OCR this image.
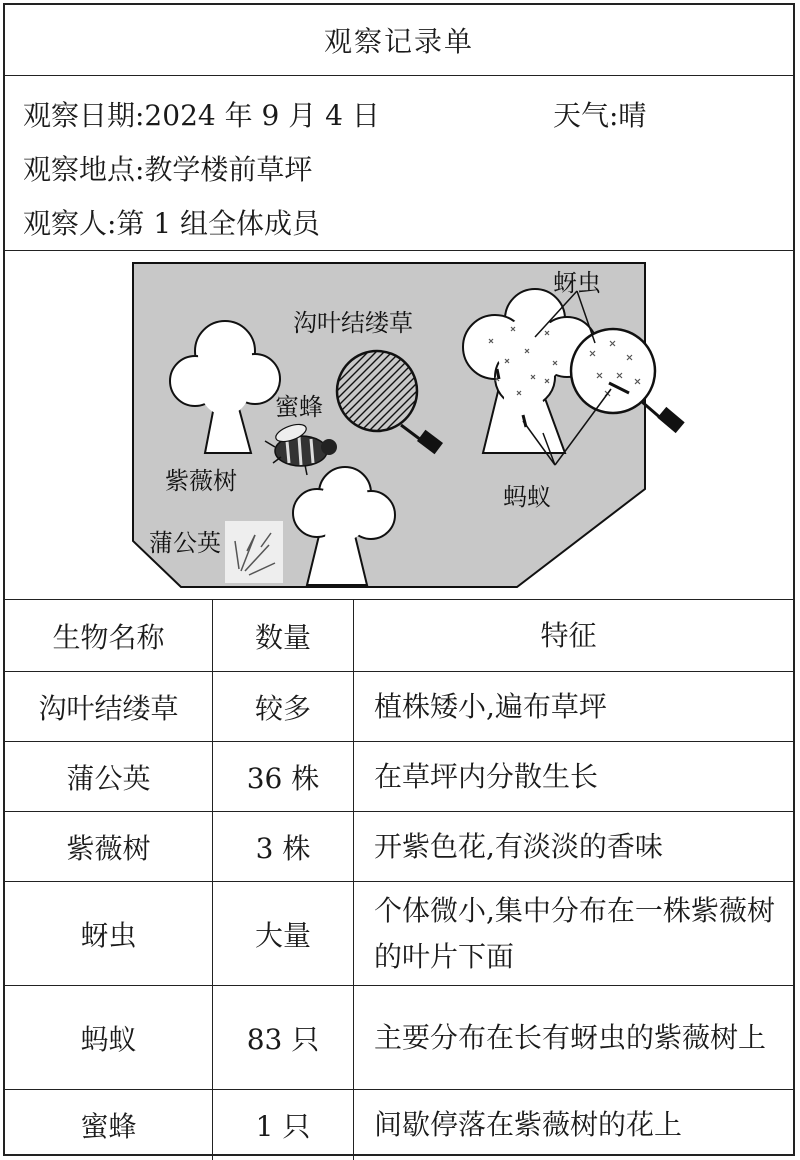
观察记录单
观察日期:2024 年 9 月 4 日	天气:晴
观察地点:教学楼前草坪
观察人:第 1 组全体成员
蚜虫
沟叶结缕草
蜜蜂
紫薇树
蚂蚁
蒲公英
生物名称	数量	特征
沟叶结缕草	较多	植株矮小,遍布草坪
蒲公英	36 株	在草坪内分散生长
紫薇树	3 株	开紫色花,有淡淡的香味
蚜虫	大量	个体微小,集中分布在一株紫薇树的叶片下面
蚂蚁	83 只	主要分布在长有蚜虫的紫薇树上
蜜蜂	1 只	间歇停落在紫薇树的花上
